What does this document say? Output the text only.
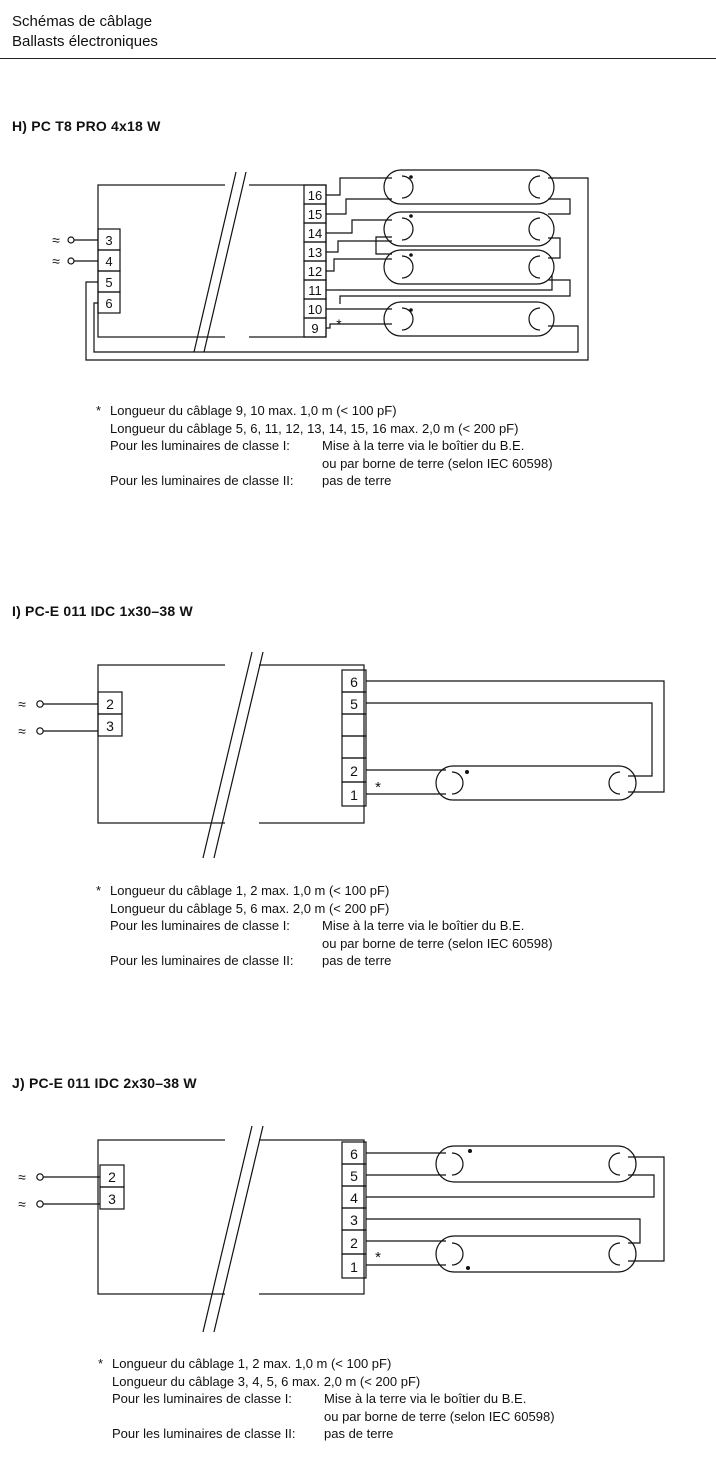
Schémas de câblage
Ballasts électroniques
H) PC T8 PRO 4x18 W
3
4
5
6
≈
≈
16
15
14
13
12
11
10
9 *
* Longueur du câblage 9, 10 max. 1,0 m (< 100 pF)
Longueur du câblage 5, 6, 11, 12, 13, 14, 15, 16 max. 2,0 m (< 200 pF)
Pour les luminaires de classe I:	Mise à la terre via le boîtier du B.E.
ou par borne de terre (selon IEC 60598)
Pour les luminaires de classe II:	pas de terre
I) PC-E 011 IDC 1x30–38 W
2
3
≈
≈
6
5
2
1 *
* Longueur du câblage 1, 2 max. 1,0 m (< 100 pF)
Longueur du câblage 5, 6 max. 2,0 m (< 200 pF)
Pour les luminaires de classe I:	Mise à la terre via le boîtier du B.E.
ou par borne de terre (selon IEC 60598)
Pour les luminaires de classe II:	pas de terre
J) PC-E 011 IDC 2x30–38 W
2
3
≈
≈
6
5
4
3
2
1
*
* Longueur du câblage 1, 2 max. 1,0 m (< 100 pF)
Longueur du câblage 3, 4, 5, 6 max. 2,0 m (< 200 pF)
Pour les luminaires de classe I:	Mise à la terre via le boîtier du B.E.
ou par borne de terre (selon IEC 60598)
Pour les luminaires de classe II:	pas de terre
